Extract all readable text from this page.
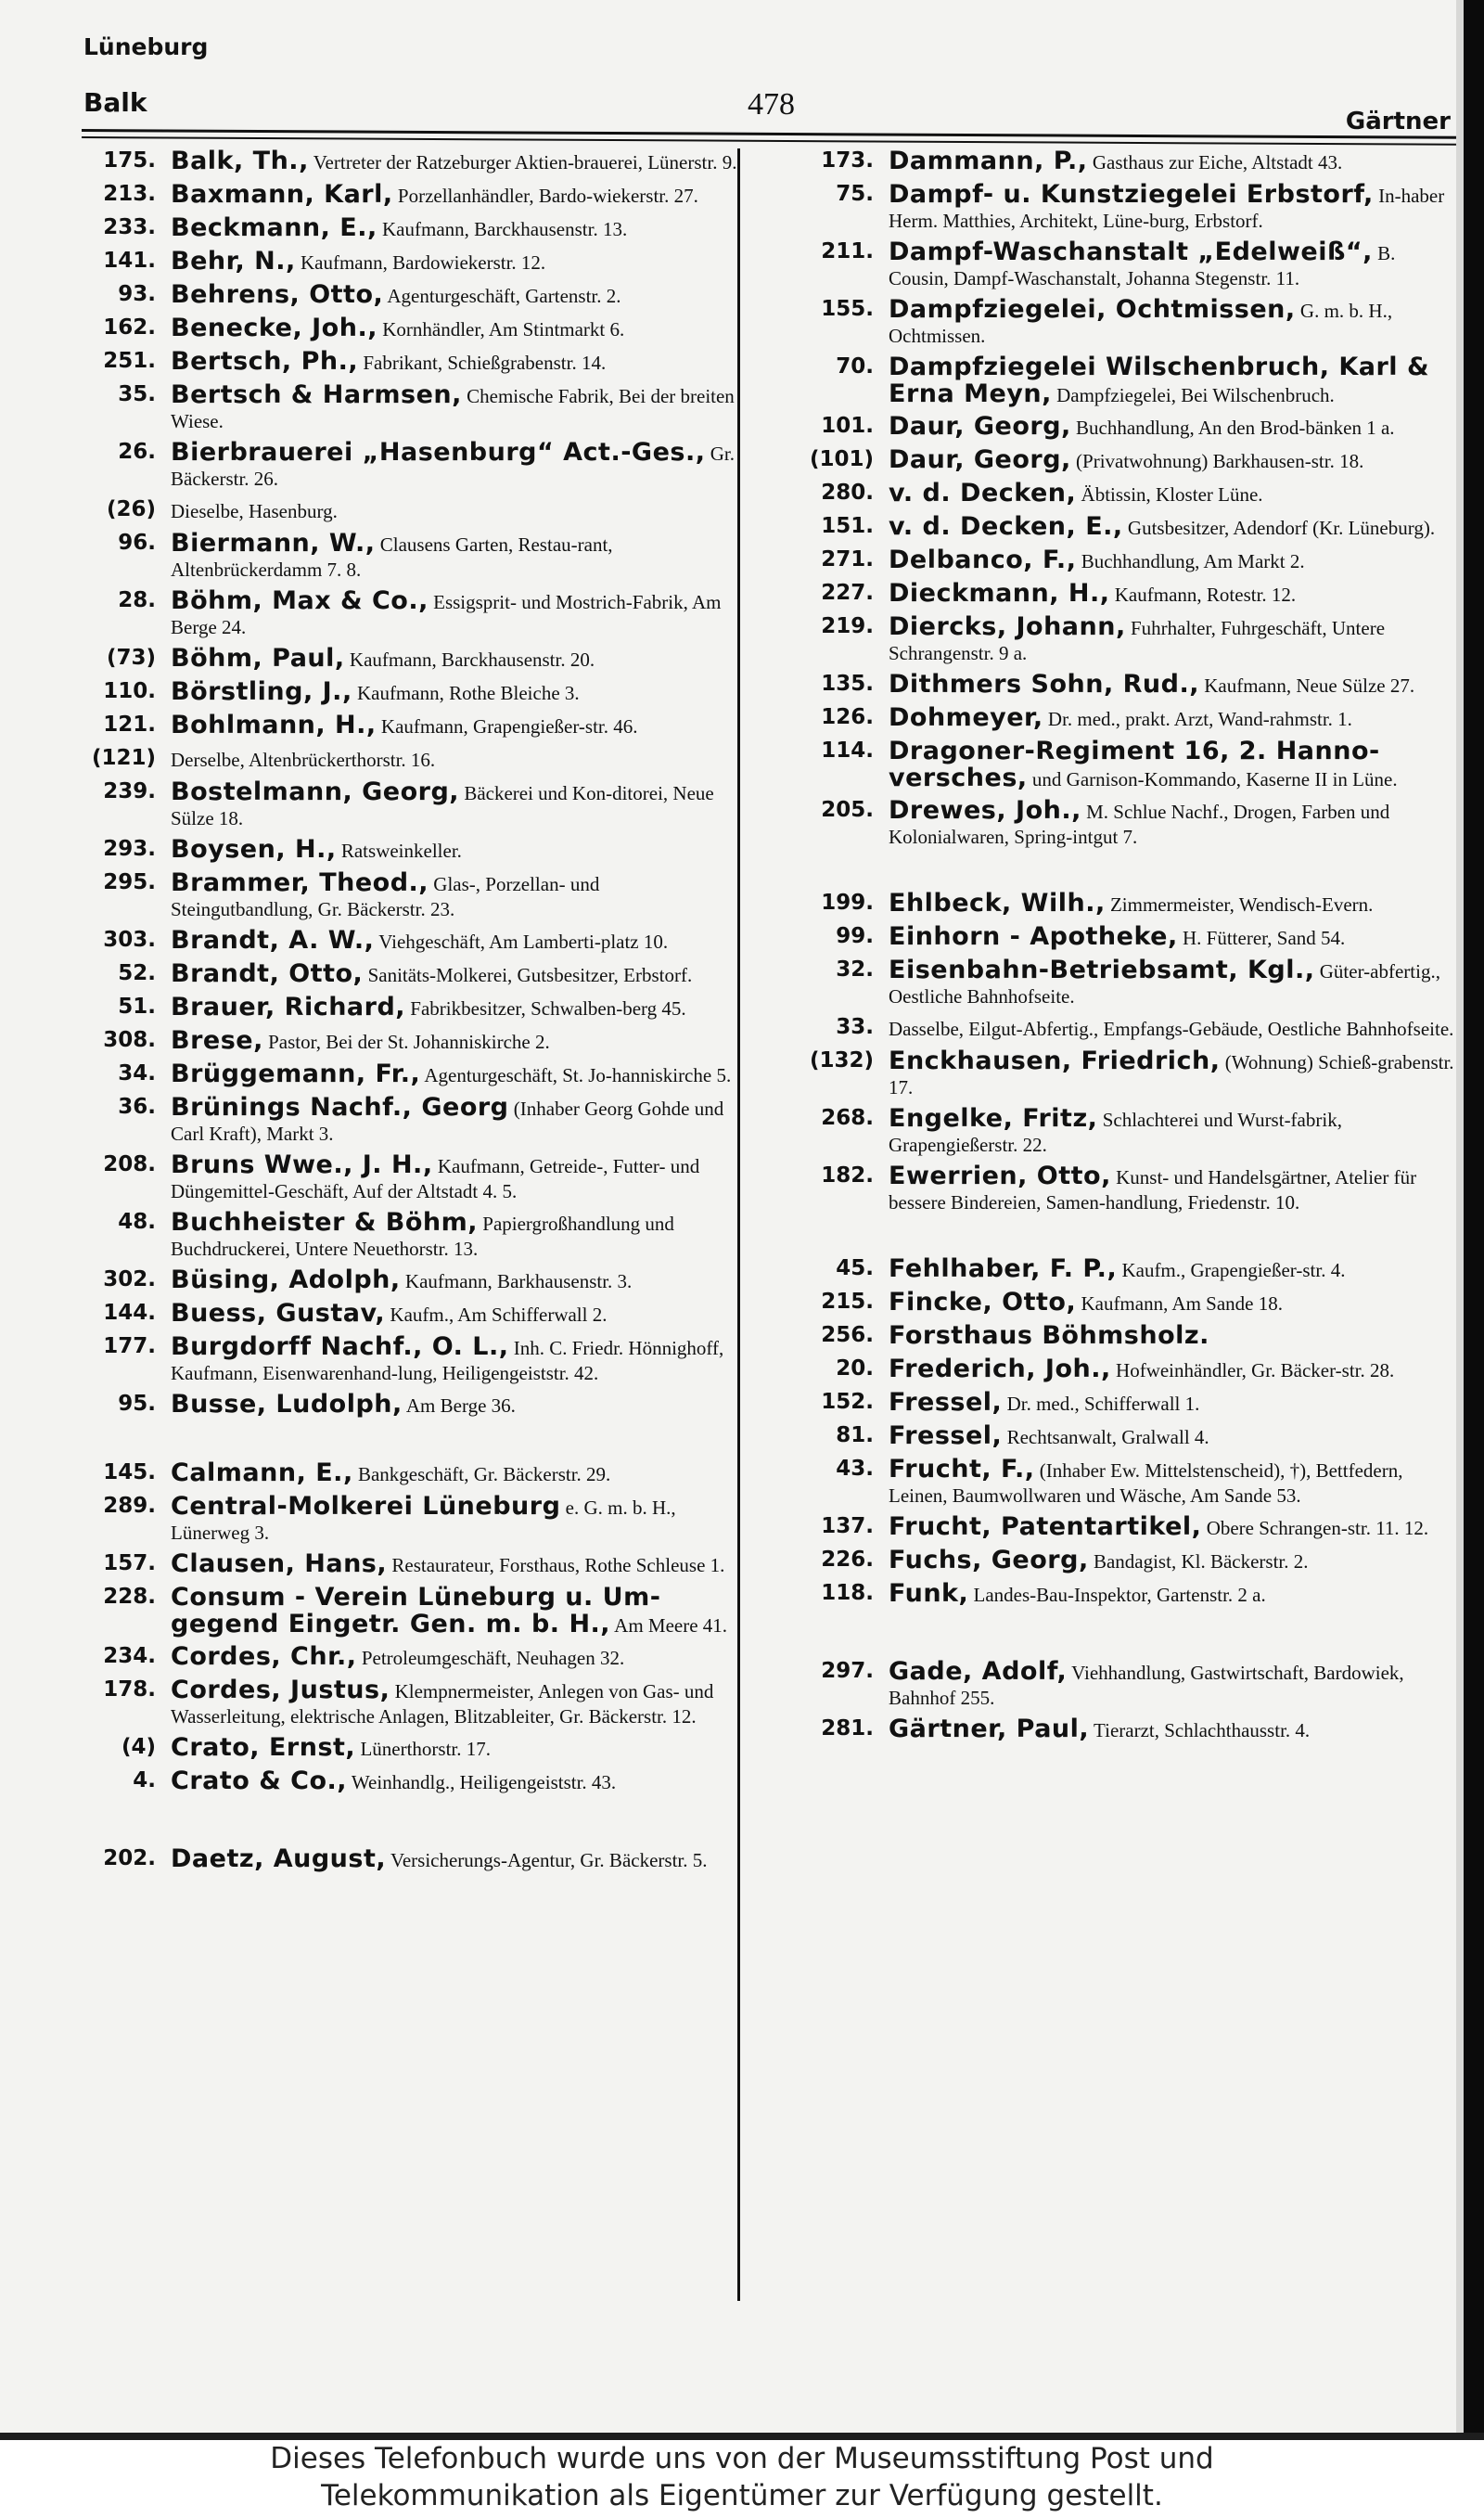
Lüneburg
Balk	478	Gärtner
175. Balk, Th., Vertreter der Ratzeburger Aktien-brauerei, Lünerstr. 9.
213. Baxmann, Karl, Porzellanhändler, Bardo-wiekerstr. 27.
233. Beckmann, E., Kaufmann, Barckhausenstr. 13.
141. Behr, N., Kaufmann, Bardowiekerstr. 12.
93. Behrens, Otto, Agenturgeschäft, Gartenstr. 2.
162. Benecke, Joh., Kornhändler, Am Stintmarkt 6.
251. Bertsch, Ph., Fabrikant, Schießgrabenstr. 14.
35. Bertsch & Harmsen, Chemische Fabrik, Bei der breiten Wiese.
26. Bierbrauerei „Hasenburg“ Act.-Ges., Gr. Bäckerstr. 26.
(26) Dieselbe, Hasenburg.
96. Biermann, W., Clausens Garten, Restau-rant, Altenbrückerdamm 7. 8.
28. Böhm, Max & Co., Essigsprit- und Mostrich-Fabrik, Am Berge 24.
(73) Böhm, Paul, Kaufmann, Barckhausenstr. 20.
110. Börstling, J., Kaufmann, Rothe Bleiche 3.
121. Bohlmann, H., Kaufmann, Grapengießer-str. 46.
(121) Derselbe, Altenbrückerthorstr. 16.
239. Bostelmann, Georg, Bäckerei und Kon-ditorei, Neue Sülze 18.
293. Boysen, H., Ratsweinkeller.
295. Brammer, Theod., Glas-, Porzellan- und Steingutbandlung, Gr. Bäckerstr. 23.
303. Brandt, A. W., Viehgeschäft, Am Lamberti-platz 10.
52. Brandt, Otto, Sanitäts-Molkerei, Gutsbesitzer, Erbstorf.
51. Brauer, Richard, Fabrikbesitzer, Schwalben-berg 45.
308. Brese, Pastor, Bei der St. Johanniskirche 2.
34. Brüggemann, Fr., Agenturgeschäft, St. Jo-hanniskirche 5.
36. Brünings Nachf., Georg (Inhaber Georg Gohde und Carl Kraft), Markt 3.
208. Bruns Wwe., J. H., Kaufmann, Getreide-, Futter- und Düngemittel-Geschäft, Auf der Altstadt 4. 5.
48. Buchheister & Böhm, Papiergroßhandlung und Buchdruckerei, Untere Neuethorstr. 13.
302. Büsing, Adolph, Kaufmann, Barkhausenstr. 3.
144. Buess, Gustav, Kaufm., Am Schifferwall 2.
177. Burgdorff Nachf., O. L., Inh. C. Friedr. Hönnighoff, Kaufmann, Eisenwarenhand-lung, Heiligengeiststr. 42.
95. Busse, Ludolph, Am Berge 36.
145. Calmann, E., Bankgeschäft, Gr. Bäckerstr. 29.
289. Central-Molkerei Lüneburg e. G. m. b. H., Lünerweg 3.
157. Clausen, Hans, Restaurateur, Forsthaus, Rothe Schleuse 1.
228. Consum - Verein Lüneburg u. Um-gegend Eingetr. Gen. m. b. H., Am Meere 41.
234. Cordes, Chr., Petroleumgeschäft, Neuhagen 32.
178. Cordes, Justus, Klempnermeister, Anlegen von Gas- und Wasserleitung, elektrische Anlagen, Blitzableiter, Gr. Bäckerstr. 12.
(4) Crato, Ernst, Lünerthorstr. 17.
4. Crato & Co., Weinhandlg., Heiligengeiststr. 43.
202. Daetz, August, Versicherungs-Agentur, Gr. Bäckerstr. 5.
173. Dammann, P., Gasthaus zur Eiche, Altstadt 43.
75. Dampf- u. Kunstziegelei Erbstorf, In-haber Herm. Matthies, Architekt, Lüne-burg, Erbstorf.
211. Dampf-Waschanstalt „Edelweiß“, B. Cousin, Dampf-Waschanstalt, Johanna Stegenstr. 11.
155. Dampfziegelei, Ochtmissen, G. m. b. H., Ochtmissen.
70. Dampfziegelei Wilschenbruch, Karl & Erna Meyn, Dampfziegelei, Bei Wilschenbruch.
101. Daur, Georg, Buchhandlung, An den Brod-bänken 1 a.
(101) Daur, Georg, (Privatwohnung) Barkhausen-str. 18.
280. v. d. Decken, Äbtissin, Kloster Lüne.
151. v. d. Decken, E., Gutsbesitzer, Adendorf (Kr. Lüneburg).
271. Delbanco, F., Buchhandlung, Am Markt 2.
227. Dieckmann, H., Kaufmann, Rotestr. 12.
219. Diercks, Johann, Fuhrhalter, Fuhrgeschäft, Untere Schrangenstr. 9 a.
135. Dithmers Sohn, Rud., Kaufmann, Neue Sülze 27.
126. Dohmeyer, Dr. med., prakt. Arzt, Wand-rahmstr. 1.
114. Dragoner-Regiment 16, 2. Hanno-versches, und Garnison-Kommando, Kaserne II in Lüne.
205. Drewes, Joh., M. Schlue Nachf., Drogen, Farben und Kolonialwaren, Spring-intgut 7.
199. Ehlbeck, Wilh., Zimmermeister, Wendisch-Evern.
99. Einhorn - Apotheke, H. Fütterer, Sand 54.
32. Eisenbahn-Betriebsamt, Kgl., Güter-abfertig., Oestliche Bahnhofseite.
33. Dasselbe, Eilgut-Abfertig., Empfangs-Gebäude, Oestliche Bahnhofseite.
(132) Enckhausen, Friedrich, (Wohnung) Schieß-grabenstr. 17.
268. Engelke, Fritz, Schlachterei und Wurst-fabrik, Grapengießerstr. 22.
182. Ewerrien, Otto, Kunst- und Handelsgärtner, Atelier für bessere Bindereien, Samen-handlung, Friedenstr. 10.
45. Fehlhaber, F. P., Kaufm., Grapengießer-str. 4.
215. Fincke, Otto, Kaufmann, Am Sande 18.
256. Forsthaus Böhmsholz.
20. Frederich, Joh., Hofweinhändler, Gr. Bäcker-str. 28.
152. Fressel, Dr. med., Schifferwall 1.
81. Fressel, Rechtsanwalt, Gralwall 4.
43. Frucht, F., (Inhaber Ew. Mittelstenscheid), †), Bettfedern, Leinen, Baumwollwaren und Wäsche, Am Sande 53.
137. Frucht, Patentartikel, Obere Schrangen-str. 11. 12.
226. Fuchs, Georg, Bandagist, Kl. Bäckerstr. 2.
118. Funk, Landes-Bau-Inspektor, Gartenstr. 2 a.
297. Gade, Adolf, Viehhandlung, Gastwirtschaft, Bardowiek, Bahnhof 255.
281. Gärtner, Paul, Tierarzt, Schlachthausstr. 4.
Dieses Telefonbuch wurde uns von der Museumsstiftung Post und
Telekommunikation als Eigentümer zur Verfügung gestellt.
